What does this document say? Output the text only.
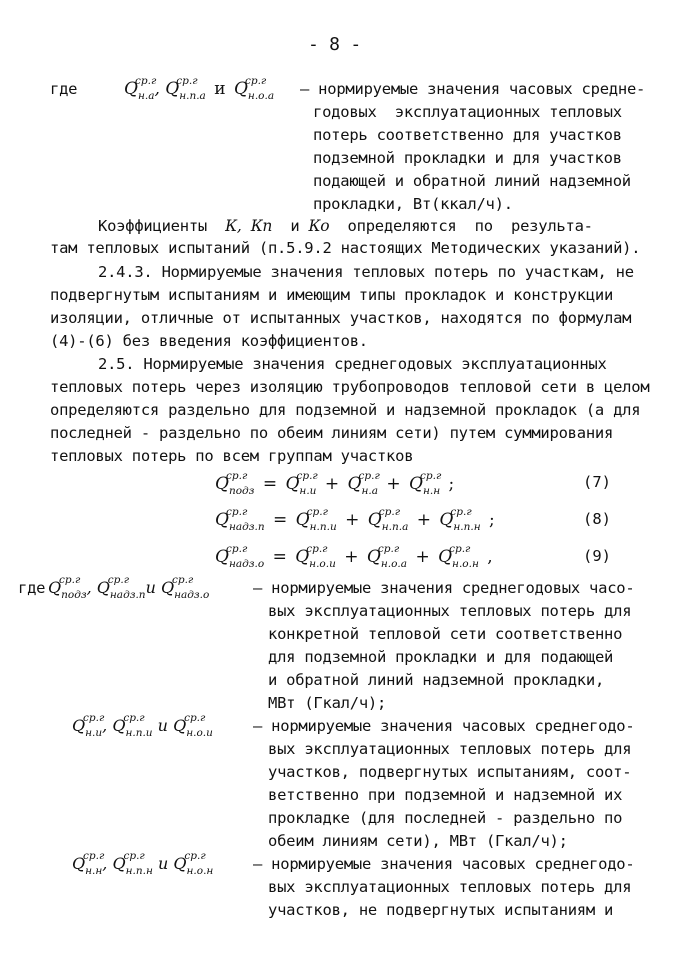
- 8 -
где	Q
ср.г
$_{н.а}$, Q
ср.г
$_{н.п.а}$ и Q
ср.г
$_{н.о.а}$ – нормируемые значения часовых средне-
годовых  эксплуатационных тепловых
потерь соответственно для участков
подземной прокладки и для участков
подающей и обратной линий надземной
прокладки, Вт(ккал/ч).
Коэффициенты К, Кп и Ко определяются  по  результа-
там тепловых испытаний (п.5.9.2 настоящих Методических указаний).
2.4.3. Нормируемые значения тепловых потерь по участкам, не
подвергнутым испытаниям и имеющим типы прокладок и конструкции
изоляции, отличные от испытанных участков, находятся по формулам
(4)-(6) без введения коэффициентов.
2.5. Нормируемые значения среднегодовых эксплуатационных
тепловых потерь через изоляцию трубопроводов тепловой сети в целом
определяются раздельно для подземной и надземной прокладок (а для
последней - раздельно по обеим линиям сети) путем суммирования
тепловых потерь по всем группам участков
Q
ср.г
$_{подз}$ = Q
ср.г
$_{н.и}$ + Q
ср.г
$_{н.а}$ + Q
ср.г
$_{н.н}$ ;	(7)
Q
ср.г
$_{надз.п}$ = Q
ср.г
$_{н.п.и}$ + Q
ср.г
$_{н.п.а}$ + Q
ср.г
$_{н.п.н}$ ;	(8)
Q
ср.г
$_{надз.о}$ = Q
ср.г
$_{н.о.и}$ + Q
ср.г
$_{н.о.а}$ + Q
ср.г
$_{н.о.н}$ ,	(9)
где Q
ср.г
$_{подз}$, Q
ср.г
$_{надз.п}$и Q
ср.г
$_{надз.о}$	– нормируемые значения среднегодовых часо-
вых эксплуатационных тепловых потерь для
конкретной тепловой сети соответственно
для подземной прокладки и для подающей
и обратной линий надземной прокладки,
МВт (Гкал/ч);
Q
ср.г
$_{н.и}$, Q
ср.г
$_{н.п.и}$ и Q
ср.г
$_{н.о.и}$	– нормируемые значения часовых среднегодо-
вых эксплуатационных тепловых потерь для
участков, подвергнутых испытаниям, соот-
ветственно при подземной и надземной их
прокладке (для последней - раздельно по
обеим линиям сети), МВт (Гкал/ч);
Q
ср.г
$_{н.н}$, Q
ср.г
$_{н.п.н}$ и Q
ср.г
$_{н.о.н}$	– нормируемые значения часовых среднегодо-
вых эксплуатационных тепловых потерь для
участков, не подвергнутых испытаниям и
